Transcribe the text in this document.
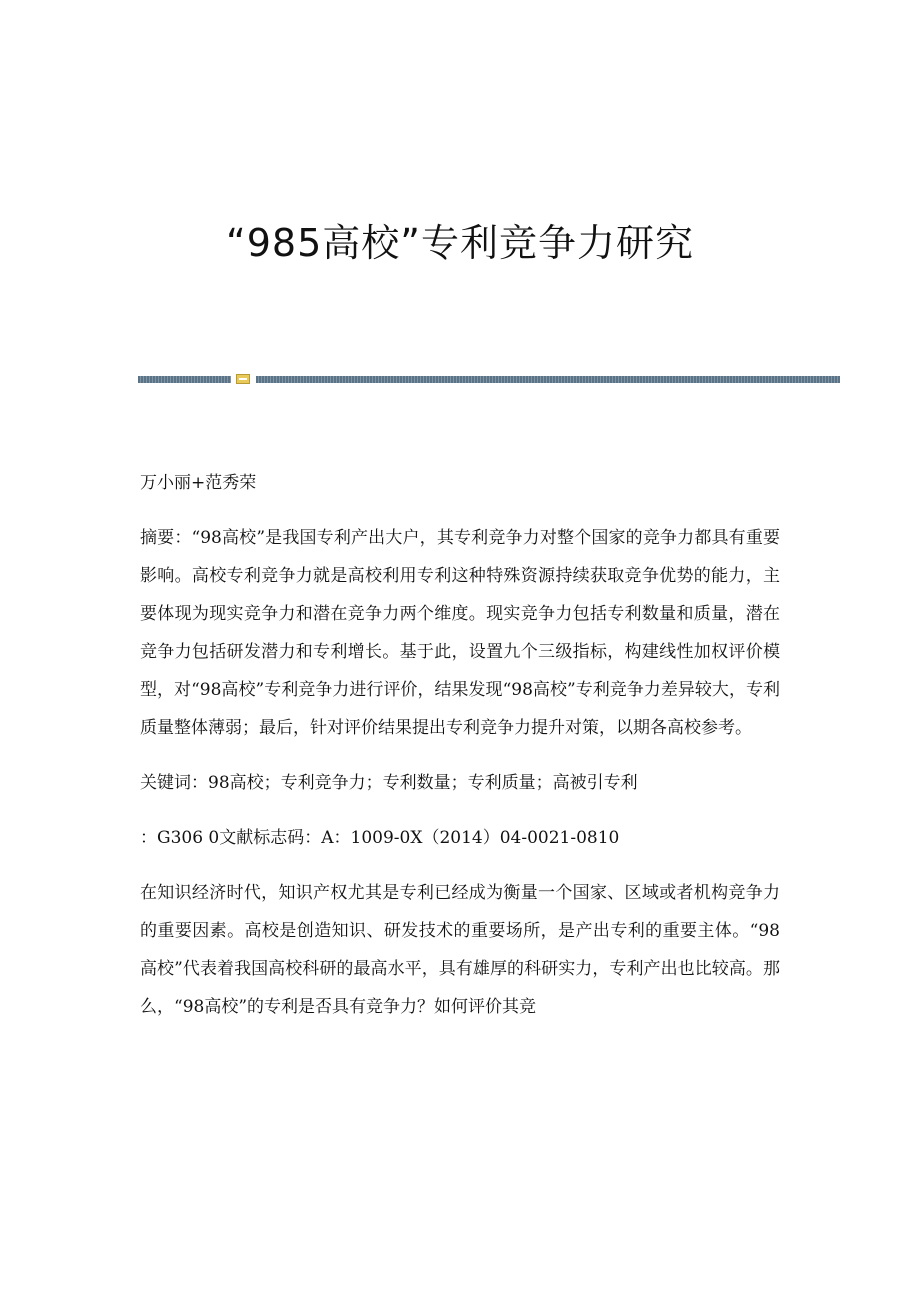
“985高校”专利竞争力研究

万小丽+范秀荣

摘要：“98高校”是我国专利产出大户，其专利竞争力对整个国家的竞争力都具有重要影响。高校专利竞争力就是高校利用专利这种特殊资源持续获取竞争优势的能力，主要体现为现实竞争力和潜在竞争力两个维度。现实竞争力包括专利数量和质量，潜在竞争力包括研发潜力和专利增长。基于此，设置九个三级指标，构建线性加权评价模型，对“98高校”专利竞争力进行评价，结果发现“98高校”专利竞争力差异较大，专利质量整体薄弱；最后，针对评价结果提出专利竞争力提升对策，以期各高校参考。

关键词：98高校；专利竞争力；专利数量；专利质量；高被引专利

：G306 0文献标志码：A：1009-0X（2014）04-0021-0810

在知识经济时代，知识产权尤其是专利已经成为衡量一个国家、区域或者机构竞争力的重要因素。高校是创造知识、研发技术的重要场所，是产出专利的重要主体。“98高校”代表着我国高校科研的最高水平，具有雄厚的科研实力，专利产出也比较高。那么，“98高校”的专利是否具有竞争力？如何评价其竞
